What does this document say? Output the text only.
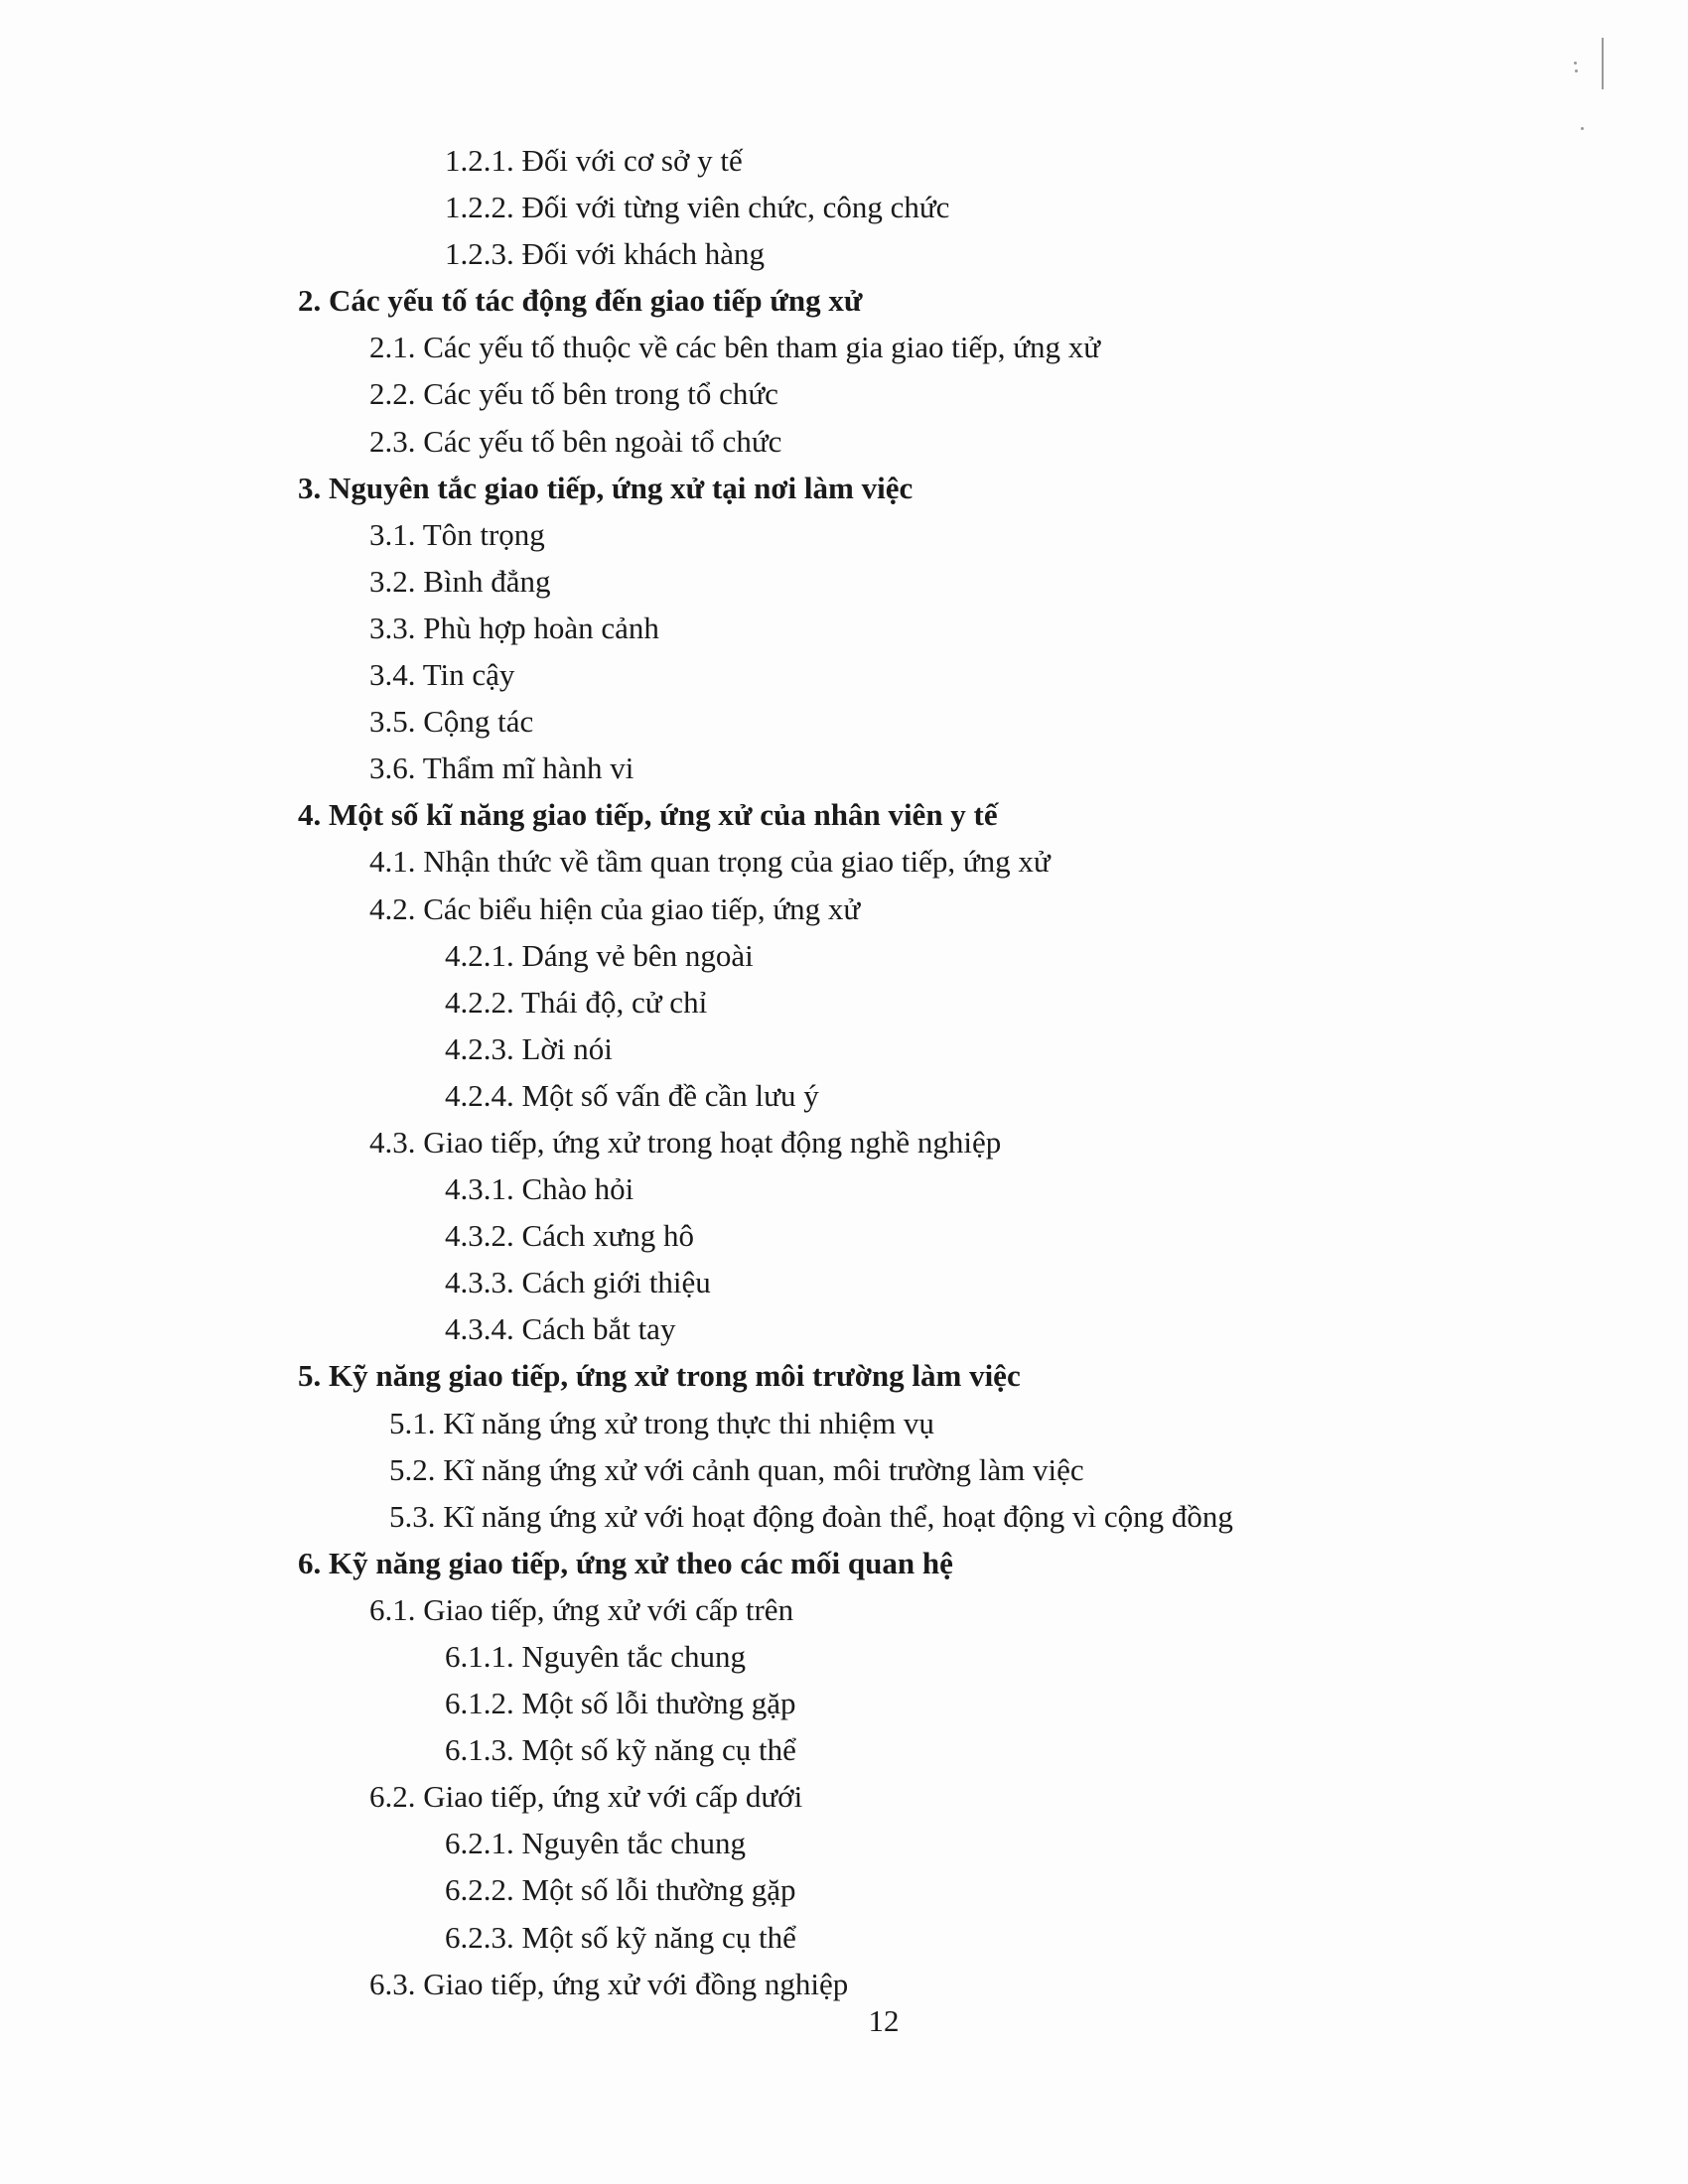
1.2.1. Đối với cơ sở y tế
1.2.2. Đối với từng viên chức, công chức
1.2.3. Đối với khách hàng
2. Các yếu tố tác động đến giao tiếp ứng xử
2.1. Các yếu tố thuộc về các bên tham gia giao tiếp, ứng xử
2.2. Các yếu tố bên trong tổ chức
2.3. Các yếu tố bên ngoài tổ chức
3. Nguyên tắc giao tiếp, ứng xử tại nơi làm việc
3.1. Tôn trọng
3.2. Bình đẳng
3.3. Phù hợp hoàn cảnh
3.4. Tin cậy
3.5. Cộng tác
3.6. Thẩm mĩ hành vi
4. Một số kĩ năng giao tiếp, ứng xử của nhân viên y tế
4.1. Nhận thức về tầm quan trọng của giao tiếp, ứng xử
4.2. Các biểu hiện của giao tiếp, ứng xử
4.2.1. Dáng vẻ bên ngoài
4.2.2. Thái độ, cử chỉ
4.2.3. Lời nói
4.2.4. Một số vấn đề cần lưu ý
4.3. Giao tiếp, ứng xử trong hoạt động nghề nghiệp
4.3.1. Chào hỏi
4.3.2. Cách xưng hô
4.3.3. Cách giới thiệu
4.3.4. Cách bắt tay
5. Kỹ năng giao tiếp, ứng xử trong môi trường làm việc
5.1. Kĩ năng ứng xử trong thực thi nhiệm vụ
5.2. Kĩ năng ứng xử với cảnh quan, môi trường làm việc
5.3. Kĩ năng ứng xử với hoạt động đoàn thể, hoạt động vì cộng đồng
6. Kỹ năng giao tiếp, ứng xử theo các mối quan hệ
6.1. Giao tiếp, ứng xử với cấp trên
6.1.1. Nguyên tắc chung
6.1.2. Một số lỗi thường gặp
6.1.3. Một số kỹ năng cụ thể
6.2. Giao tiếp, ứng xử với cấp dưới
6.2.1. Nguyên tắc chung
6.2.2. Một số lỗi thường gặp
6.2.3. Một số kỹ năng cụ thể
6.3. Giao tiếp, ứng xử với đồng nghiệp
12
